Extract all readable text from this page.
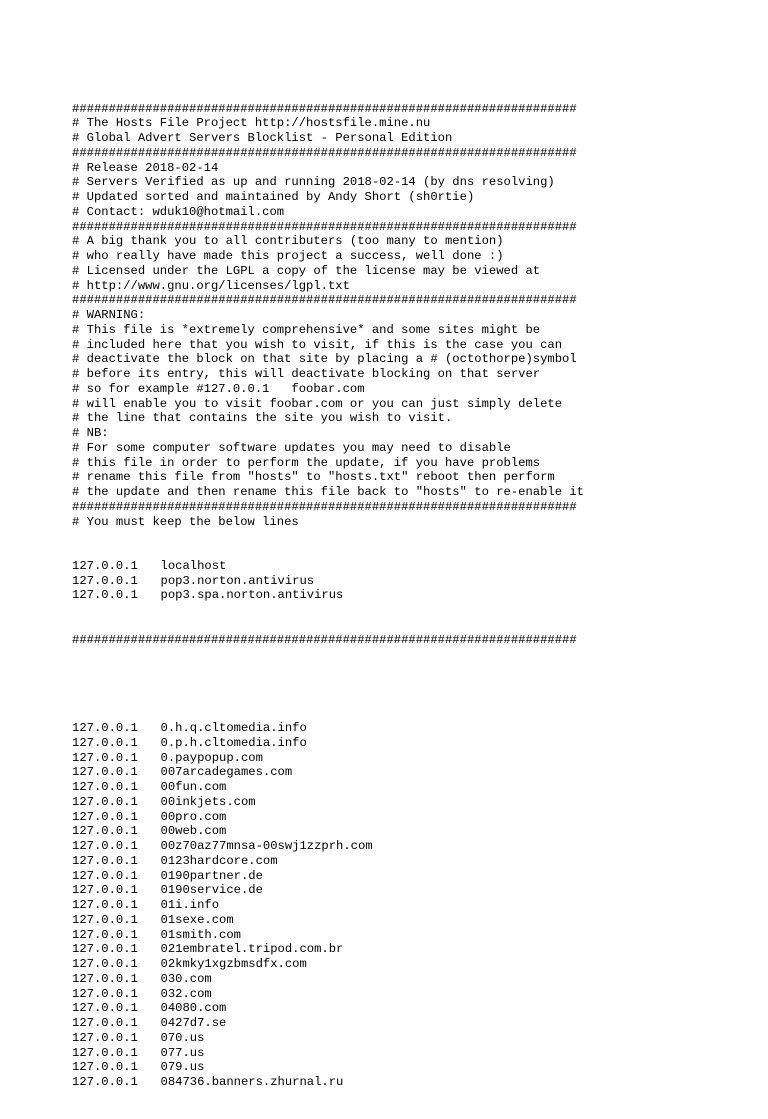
#####################################################################
# The Hosts File Project http://hostsfile.mine.nu
# Global Advert Servers Blocklist - Personal Edition
#####################################################################
# Release 2018-02-14
# Servers Verified as up and running 2018-02-14 (by dns resolving)
# Updated sorted and maintained by Andy Short (sh0rtie)
# Contact: wduk10@hotmail.com
#####################################################################
# A big thank you to all contributers (too many to mention)
# who really have made this project a success, well done :)
# Licensed under the LGPL a copy of the license may be viewed at
# http://www.gnu.org/licenses/lgpl.txt
#####################################################################
# WARNING:
# This file is *extremely comprehensive* and some sites might be
# included here that you wish to visit, if this is the case you can
# deactivate the block on that site by placing a # (octothorpe)symbol
# before its entry, this will deactivate blocking on that server
# so for example #127.0.0.1   foobar.com
# will enable you to visit foobar.com or you can just simply delete
# the line that contains the site you wish to visit.
# NB:
# For some computer software updates you may need to disable
# this file in order to perform the update, if you have problems
# rename this file from "hosts" to "hosts.txt" reboot then perform
# the update and then rename this file back to "hosts" to re-enable it
#####################################################################
# You must keep the below lines

127.0.0.1 localhost
127.0.0.1 pop3.norton.antivirus
127.0.0.1 pop3.spa.norton.antivirus

#####################################################################

127.0.0.1 0.h.q.cltomedia.info
127.0.0.1 0.p.h.cltomedia.info
127.0.0.1 0.paypopup.com
127.0.0.1 007arcadegames.com
127.0.0.1 00fun.com
127.0.0.1 00inkjets.com
127.0.0.1 00pro.com
127.0.0.1 00web.com
127.0.0.1 00z70az77mnsa-00swj1zzprh.com
127.0.0.1 0123hardcore.com
127.0.0.1 0190partner.de
127.0.0.1 0190service.de
127.0.0.1 01i.info
127.0.0.1 01sexe.com
127.0.0.1 01smith.com
127.0.0.1 021embratel.tripod.com.br
127.0.0.1 02kmky1xgzbmsdfx.com
127.0.0.1 030.com
127.0.0.1 032.com
127.0.0.1 04080.com
127.0.0.1 0427d7.se
127.0.0.1 070.us
127.0.0.1 077.us
127.0.0.1 079.us
127.0.0.1 084736.banners.zhurnal.ru
